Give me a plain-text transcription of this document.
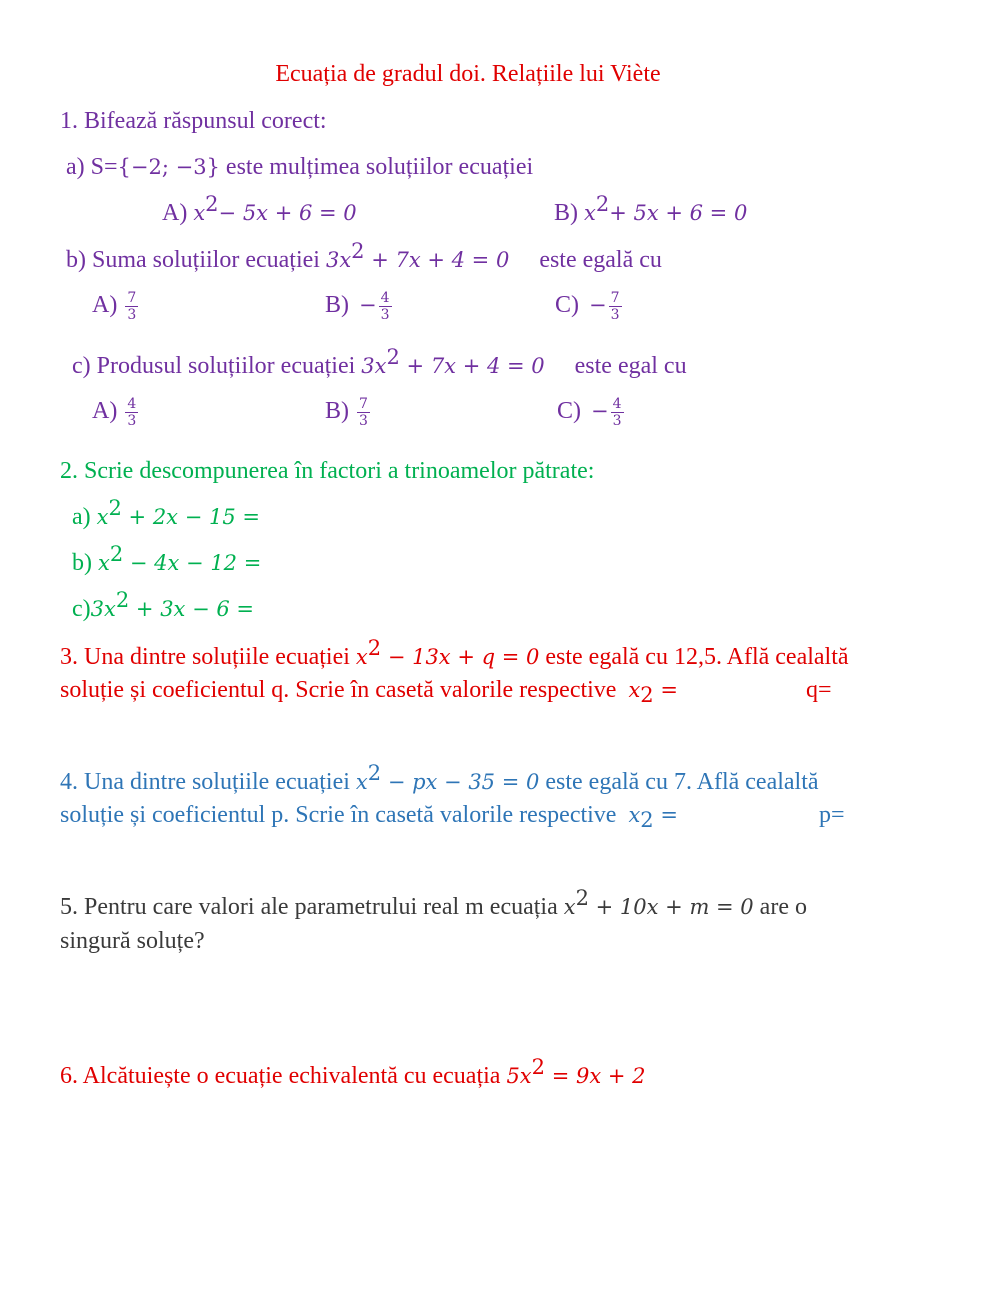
Ecuația de gradul doi. Relațiile lui Viète
1. Bifează răspunsul corect:
a) S={−2; −3} este mulțimea soluțiilor ecuației
A) $x^2- 5x + 6 = 0$	B) $x^2+ 5x + 6 = 0$
b) Suma soluțiilor ecuației $3x^2 + 7x + 4 = 0$ este egală cu
$A) \frac{7}{3}$	$B) - \frac{4}{3}$	$C) - \frac{7}{3}$
c) Produsul soluțiilor ecuației $3x^2 + 7x + 4 = 0$ este egal cu
$A) \frac{4}{3}$	$B) \frac{7}{3}$	$C) - \frac{4}{3}$
2. Scrie descompunerea în factori a trinoamelor pătrate:
a) $x^2 + 2x - 15$ =
b) $x^2 - 4x - 12$ =
$c)3x^2 + 3x - 6$ =
3. Una dintre soluțiile ecuației $x^2 - 13x + q = 0$ este egală cu 12,5. Află cealaltă
soluție și coeficientul q. Scrie în casetă valorile respective $x_2$ =	q=
4. Una dintre soluțiile ecuației $x^2$ − px − 35 = 0 este egală cu 7. Află cealaltă
soluție și coeficientul p. Scrie în casetă valorile respective $x_2$ =	p=
5. Pentru care valori ale parametrului real m ecuația $x^2 + 10x + m = 0$ are o
singură soluțe?
6. Alcătuiește o ecuație echivalentă cu ecuația $5x^2 = 9x + 2$
